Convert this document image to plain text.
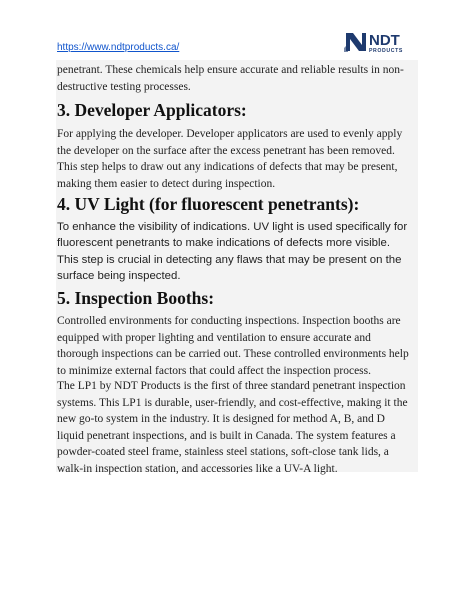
https://www.ndtproducts.ca/	NDT
PRODUCTS

penetrant. These chemicals help ensure accurate and reliable results in non-destructive testing processes.

3. Developer Applicators:

For applying the developer. Developer applicators are used to evenly apply the developer on the surface after the excess penetrant has been removed. This step helps to draw out any indications of defects that may be present, making them easier to detect during inspection.

4. UV Light (for fluorescent penetrants):

To enhance the visibility of indications. UV light is used specifically for fluorescent penetrants to make indications of defects more visible. This step is crucial in detecting any flaws that may be present on the surface being inspected.

5. Inspection Booths:

Controlled environments for conducting inspections. Inspection booths are equipped with proper lighting and ventilation to ensure accurate and thorough inspections can be carried out. These controlled environments help to minimize external factors that could affect the inspection process.

The LP1 by NDT Products is the first of three standard penetrant inspection systems. This LP1 is durable, user-friendly, and cost-effective, making it the new go-to system in the industry. It is designed for method A, B, and D liquid penetrant inspections, and is built in Canada. The system features a powder-coated steel frame, stainless steel stations, soft-close tank lids, a walk-in inspection station, and accessories like a UV-A light.
